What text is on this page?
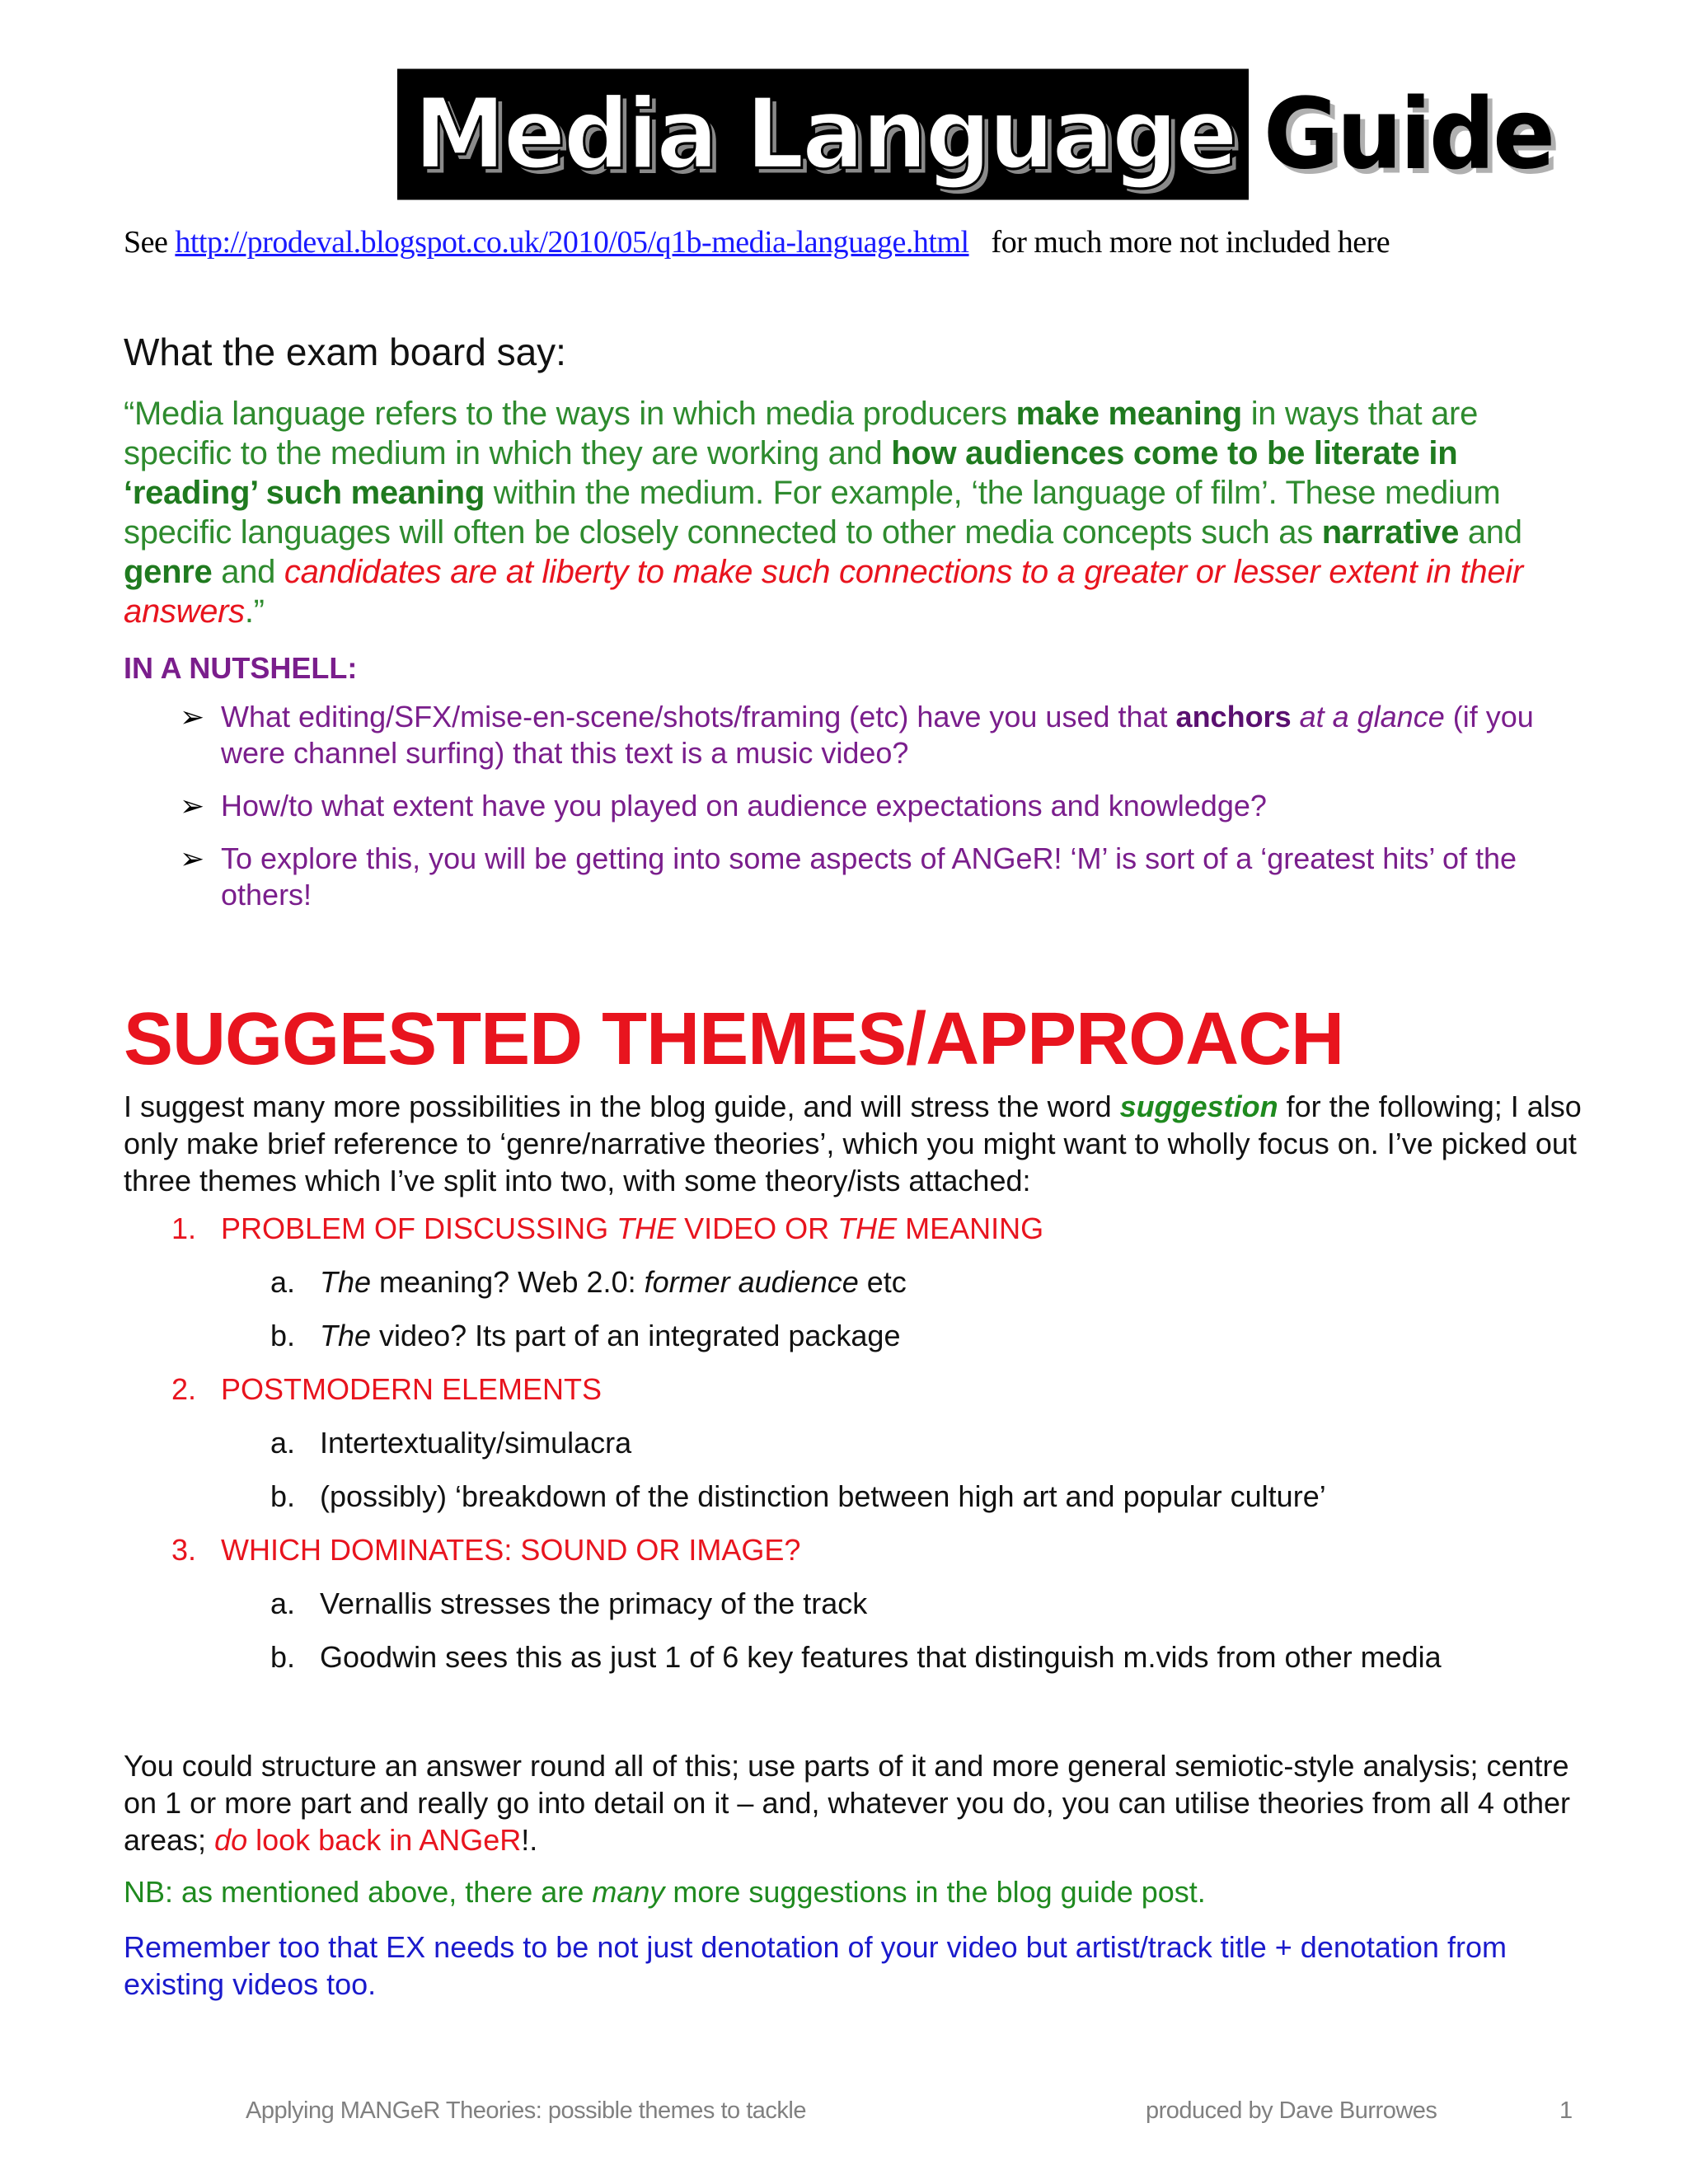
Media Language Guide
See http://prodeval.blogspot.co.uk/2010/05/q1b-media-language.html for much more not included here
What the exam board say:
“Media language refers to the ways in which media producers make meaning in ways that are specific to the medium in which they are working and how audiences come to be literate in ‘reading’ such meaning within the medium. For example, ‘the language of film’. These medium specific languages will often be closely connected to other media concepts such as narrative and genre and candidates are at liberty to make such connections to a greater or lesser extent in their answers.”
IN A NUTSHELL:
➢ What editing/SFX/mise-en-scene/shots/framing (etc) have you used that anchors at a glance (if you were channel surfing) that this text is a music video?
➢ How/to what extent have you played on audience expectations and knowledge?
➢ To explore this, you will be getting into some aspects of ANGeR! ‘M’ is sort of a ‘greatest hits’ of the others!
SUGGESTED THEMES/APPROACH
I suggest many more possibilities in the blog guide, and will stress the word suggestion for the following; I also only make brief reference to ‘genre/narrative theories’, which you might want to wholly focus on. I’ve picked out three themes which I’ve split into two, with some theory/ists attached:
1. PROBLEM OF DISCUSSING THE VIDEO OR THE MEANING
a. The meaning? Web 2.0: former audience etc
b. The video? Its part of an integrated package
2. POSTMODERN ELEMENTS
a. Intertextuality/simulacra
b. (possibly) ‘breakdown of the distinction between high art and popular culture’
3. WHICH DOMINATES: SOUND OR IMAGE?
a. Vernallis stresses the primacy of the track
b. Goodwin sees this as just 1 of 6 key features that distinguish m.vids from other media
You could structure an answer round all of this; use parts of it and more general semiotic-style analysis; centre on 1 or more part and really go into detail on it – and, whatever you do, you can utilise theories from all 4 other areas; do look back in ANGeR!.
NB: as mentioned above, there are many more suggestions in the blog guide post.
Remember too that EX needs to be not just denotation of your video but artist/track title + denotation from existing videos too.
Applying MANGeR Theories: possible themes to tackle	produced by Dave Burrowes	1
